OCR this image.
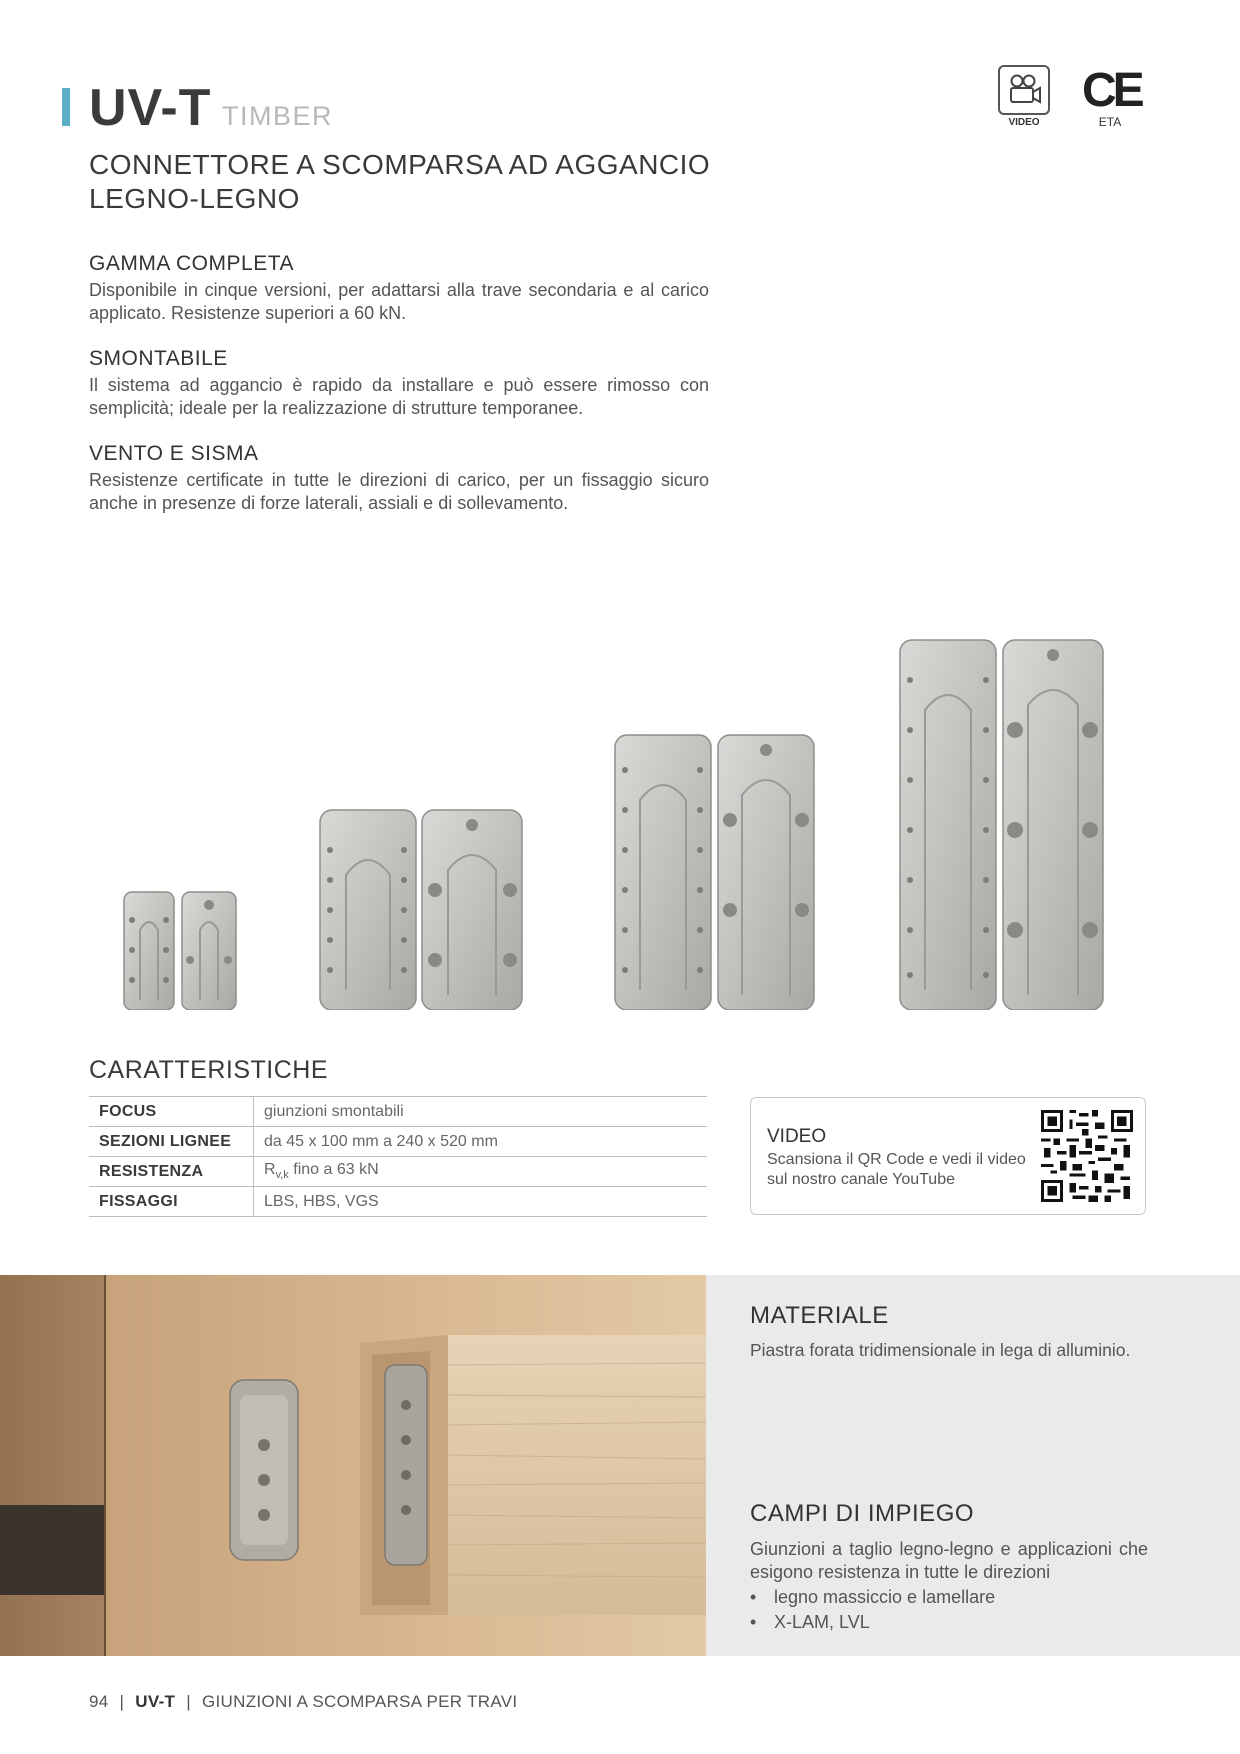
UV-T TIMBER
CONNETTORE A SCOMPARSA AD AGGANCIO LEGNO-LEGNO
VIDEO
CE
ETA
GAMMA COMPLETA
Disponibile in cinque versioni, per adattarsi alla trave secondaria e al carico applicato. Resistenze superiori a 60 kN.
SMONTABILE
Il sistema ad aggancio è rapido da installare e può essere rimosso con semplicità; ideale per la realizzazione di strutture temporanee.
VENTO E SISMA
Resistenze certificate in tutte le direzioni di carico, per un fissaggio sicuro anche in presenze di forze laterali, assiali e di sollevamento.
CARATTERISTICHE
FOCUS	giunzioni smontabili
SEZIONI LIGNEE	da 45 x 100 mm a 240 x 520 mm
RESISTENZA	$R_{v,k}$ fino a 63 kN
FISSAGGI	LBS, HBS, VGS
VIDEO
Scansiona il QR Code e vedi il video sul nostro canale YouTube
MATERIALE
Piastra forata tridimensionale in lega di alluminio.
CAMPI DI IMPIEGO
Giunzioni a taglio legno-legno e applicazioni che esigono resistenza in tutte le direzioni
• legno massiccio e lamellare
• X-LAM, LVL
94 | UV-T | GIUNZIONI A SCOMPARSA PER TRAVI
